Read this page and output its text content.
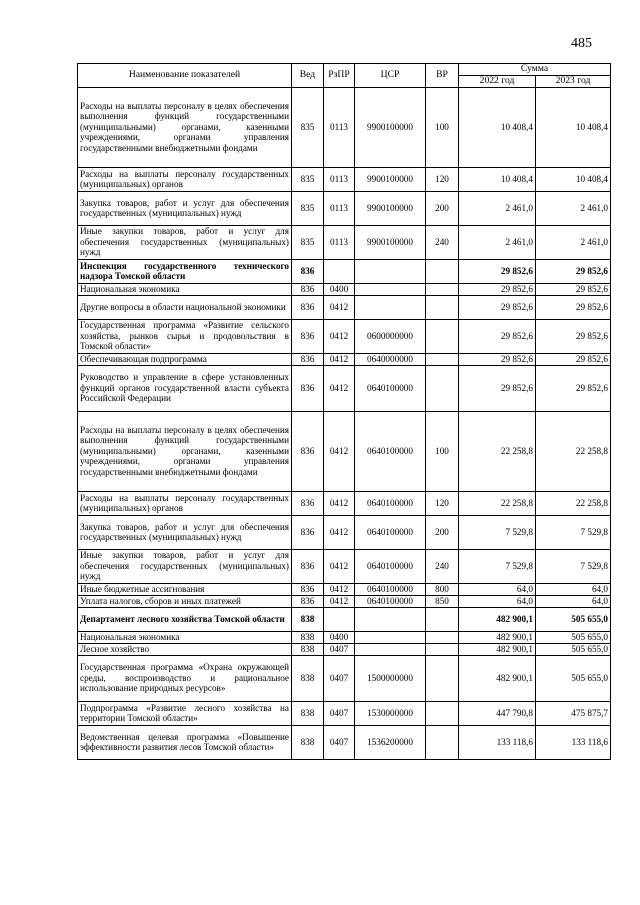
485
Наименование показателей	Вед	РзПР	ЦСР	ВР	Сумма	
					2022 год	2023 год
Расходы на выплаты персоналу в целях обеспечения выполнения функций государственными (муниципальными) органами, казенными учреждениями, органами управления государственными внебюджетными фондами	835	0113	9900100000	100	10 408,4	10 408,4
Расходы на выплаты персоналу государственных (муниципальных) органов	835	0113	9900100000	120	10 408,4	10 408,4
Закупка товаров, работ и услуг для обеспечения государственных (муниципальных) нужд	835	0113	9900100000	200	2 461,0	2 461,0
Иные закупки товаров, работ и услуг для обеспечения государственных (муниципальных) нужд	835	0113	9900100000	240	2 461,0	2 461,0
Инспекция государственного технического надзора Томской области	836				29 852,6	29 852,6
Национальная экономика	836	0400			29 852,6	29 852,6
Другие вопросы в области национальной экономики	836	0412			29 852,6	29 852,6
Государственная программа «Развитие сельского хозяйства, рынков сырья и продовольствия в Томской области»	836	0412	0600000000		29 852,6	29 852,6
Обеспечивающая подпрограмма	836	0412	0640000000		29 852,6	29 852,6
Руководство и управление в сфере установленных функций органов государственной власти субъекта Российской Федерации	836	0412	0640100000		29 852,6	29 852,6
Расходы на выплаты персоналу в целях обеспечения выполнения функций государственными (муниципальными) органами, казенными учреждениями, органами управления государственными внебюджетными фондами	836	0412	0640100000	100	22 258,8	22 258,8
Расходы на выплаты персоналу государственных (муниципальных) органов	836	0412	0640100000	120	22 258,8	22 258,8
Закупка товаров, работ и услуг для обеспечения государственных (муниципальных) нужд	836	0412	0640100000	200	7 529,8	7 529,8
Иные закупки товаров, работ и услуг для обеспечения государственных (муниципальных) нужд	836	0412	0640100000	240	7 529,8	7 529,8
Иные бюджетные ассигнования	836	0412	0640100000	800	64,0	64,0
Уплата налогов, сборов и иных платежей	836	0412	0640100000	850	64,0	64,0
Департамент лесного хозяйства Томской области	838				482 900,1	505 655,0
Национальная экономика	838	0400			482 900,1	505 655,0
Лесное хозяйство	838	0407			482 900,1	505 655,0
Государственная программа «Охрана окружающей среды, воспроизводство и рациональное использование природных ресурсов»	838	0407	1500000000		482 900,1	505 655,0
Подпрограмма «Развитие лесного хозяйства на территории Томской области»	838	0407	1530000000		447 790,8	475 875,7
Ведомственная целевая программа «Повышение эффективности развития лесов Томской области»	838	0407	1536200000		133 118,6	133 118,6
